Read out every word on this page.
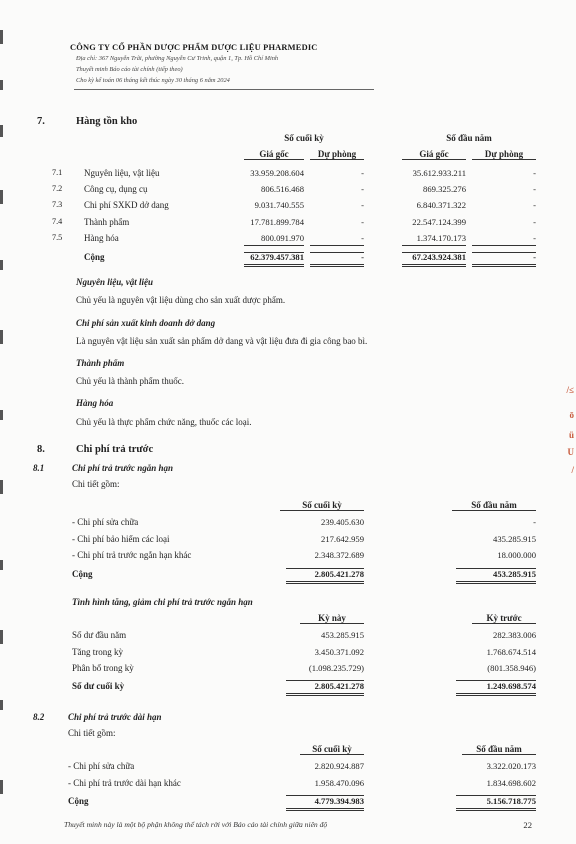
/≤
ō
ü
U
/
CÔNG TY CỔ PHẦN DƯỢC PHẨM DƯỢC LIỆU PHARMEDIC
Địa chỉ: 367 Nguyễn Trãi, phường Nguyễn Cư Trinh, quận 1, Tp. Hồ Chí Minh
Thuyết minh Báo cáo tài chính (tiếp theo)
Cho kỳ kế toán 06 tháng kết thúc ngày 30 tháng 6 năm 2024
7.	Hàng tồn kho
Số cuối kỳ	Số đầu năm
Giá gốc	Dự phòng	Giá gốc	Dự phòng
7.1 Nguyên liệu, vật liệu	33.959.208.604	-	35.612.933.211	-
7.2 Công cụ, dụng cụ	806.516.468	-	869.325.276	-
7.3 Chi phí SXKD dở dang	9.031.740.555	-	6.840.371.322	-
7.4 Thành phẩm	17.781.899.784	-	22.547.124.399	-
7.5 Hàng hóa	800.091.970	-	1.374.170.173	-
Cộng	62.379.457.381	-	67.243.924.381	-
Nguyên liệu, vật liệu
Chủ yếu là nguyên vật liệu dùng cho sản xuất dược phẩm.
Chi phí sản xuất kinh doanh dở dang
Là nguyên vật liệu sản xuất sản phẩm dở dang và vật liệu đưa đi gia công bao bì.
Thành phẩm
Chủ yếu là thành phẩm thuốc.
Hàng hóa
Chủ yếu là thực phẩm chức năng, thuốc các loại.
8.	Chi phí trả trước
8.1	Chi phí trả trước ngắn hạn
Chi tiết gồm:
Số cuối kỳ	Số đầu năm
- Chi phí sửa chữa	239.405.630	-
- Chi phí bảo hiểm các loại	217.642.959	435.285.915
- Chi phí trả trước ngắn hạn khác	2.348.372.689	18.000.000
Cộng	2.805.421.278	453.285.915
Tình hình tăng, giảm chi phí trả trước ngắn hạn
Kỳ này	Kỳ trước
Số dư đầu năm	453.285.915	282.383.006
Tăng trong kỳ	3.450.371.092	1.768.674.514
Phân bổ trong kỳ	(1.098.235.729)	(801.358.946)
Số dư cuối kỳ	2.805.421.278	1.249.698.574
8.2	Chi phí trả trước dài hạn
Chi tiết gồm:
Số cuối kỳ	Số đầu năm
- Chi phí sửa chữa	2.820.924.887	3.322.020.173
- Chi phí trả trước dài hạn khác	1.958.470.096	1.834.698.602
Cộng	4.779.394.983	5.156.718.775
Thuyết minh này là một bộ phận không thể tách rời với Báo cáo tài chính giữa niên độ	22
